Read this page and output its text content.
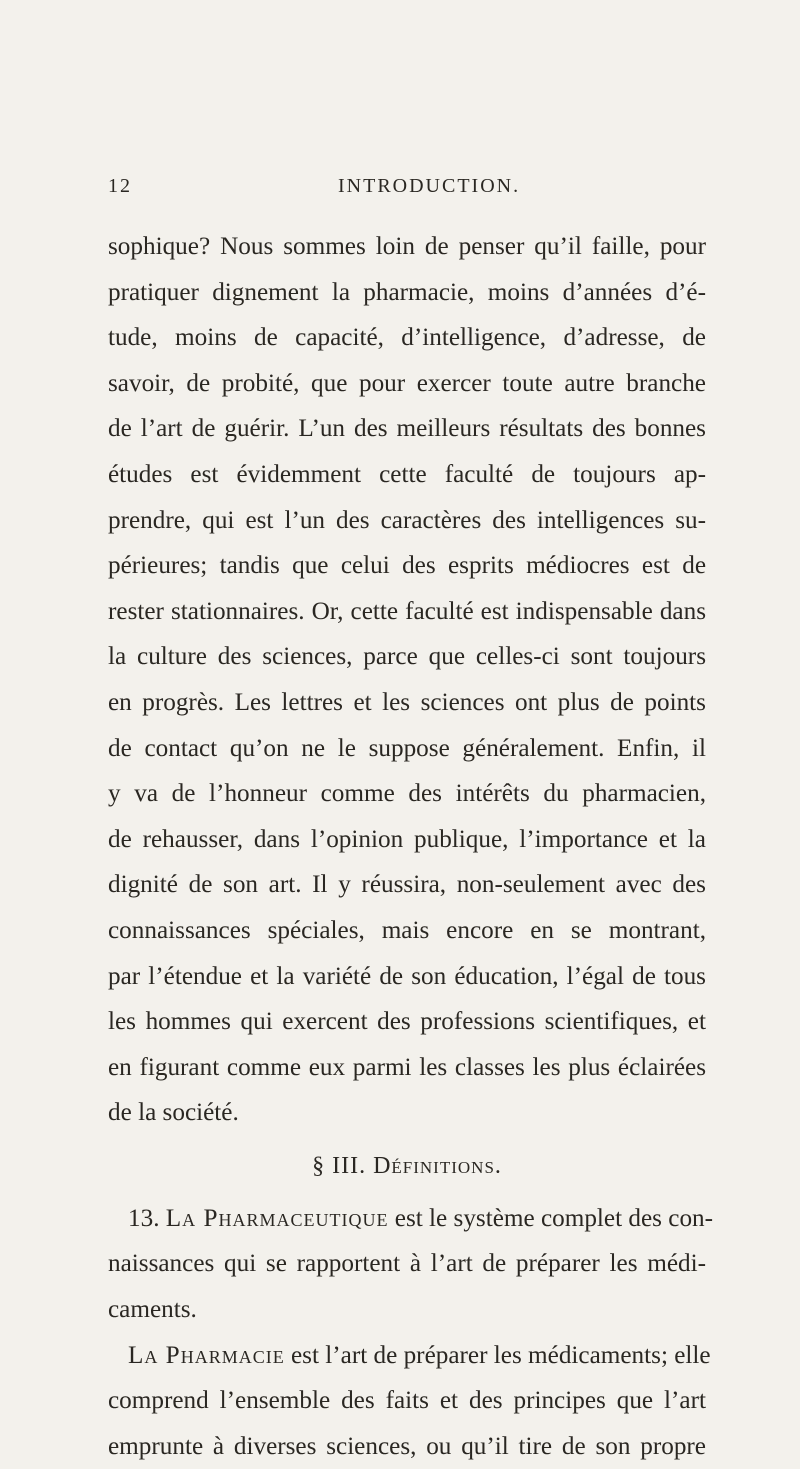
12	INTRODUCTION.
sophique? Nous sommes loin de penser qu’il faille, pour
pratiquer dignement la pharmacie, moins d’années d’é-
tude, moins de capacité, d’intelligence, d’adresse, de
savoir, de probité, que pour exercer toute autre branche
de l’art de guérir. L’un des meilleurs résultats des bonnes
études est évidemment cette faculté de toujours ap-
prendre, qui est l’un des caractères des intelligences su-
périeures; tandis que celui des esprits médiocres est de
rester stationnaires. Or, cette faculté est indispensable dans
la culture des sciences, parce que celles-ci sont toujours
en progrès. Les lettres et les sciences ont plus de points
de contact qu’on ne le suppose généralement. Enfin, il
y va de l’honneur comme des intérêts du pharmacien,
de rehausser, dans l’opinion publique, l’importance et la
dignité de son art. Il y réussira, non-seulement avec des
connaissances spéciales, mais encore en se montrant,
par l’étendue et la variété de son éducation, l’égal de tous
les hommes qui exercent des professions scientifiques, et
en figurant comme eux parmi les classes les plus éclairées
de la société.
§ III. Définitions.
13. La Pharmaceutique est le système complet des con-
naissances qui se rapportent à l’art de préparer les médi-
caments.
La Pharmacie est l’art de préparer les médicaments; elle
comprend l’ensemble des faits et des principes que l’art
emprunte à diverses sciences, ou qu’il tire de son propre
